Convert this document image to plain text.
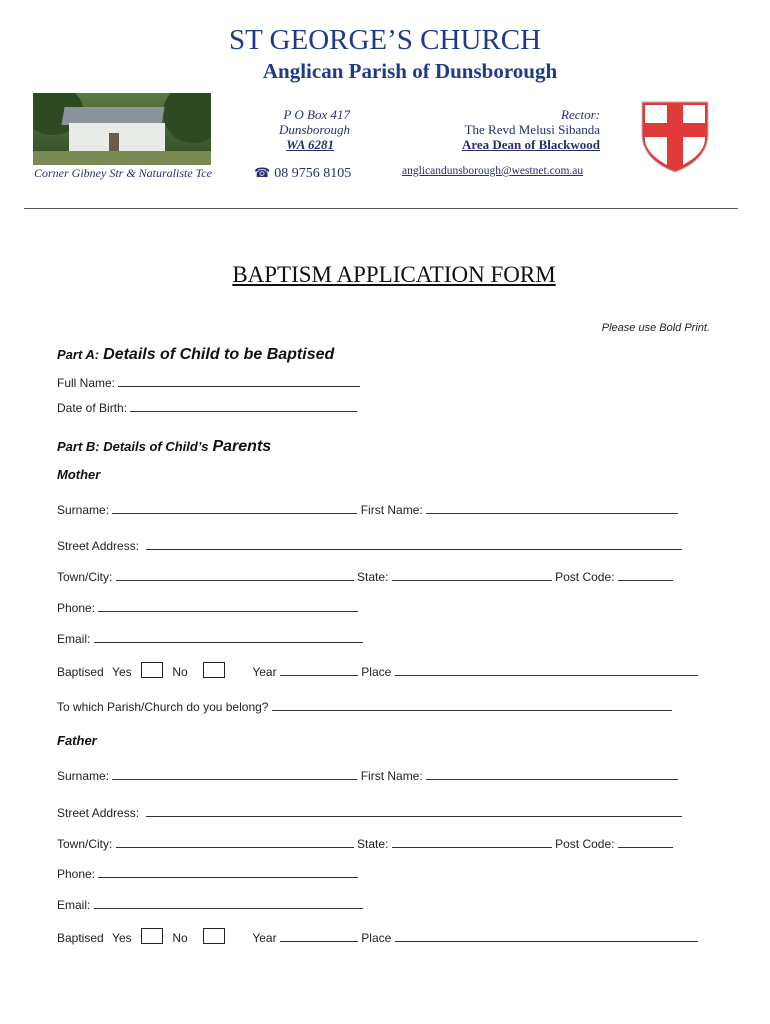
ST GEORGE’S CHURCH
Anglican Parish of Dunsborough
Corner Gibney Str & Naturaliste Tce
P O Box 417
Dunsborough
WA 6281
Rector:
The Revd Melusi Sibanda
Area Dean of Blackwood
☎ 08 9756 8105	anglicandunsborough@westnet.com.au
BAPTISM APPLICATION FORM
Please use Bold Print.
Part A: Details of Child to be Baptised
Full Name:
Date of Birth:
Part B: Details of Child’s Parents
Mother
Surname:	First Name:
Street Address:
Town/City:	State:	Post Code:
Phone:
Email:
Baptised Yes	No	Year	Place
To which Parish/Church do you belong?
Father
Surname:	First Name:
Street Address:
Town/City:	State:	Post Code:
Phone:
Email:
Baptised Yes	No	Year	Place
